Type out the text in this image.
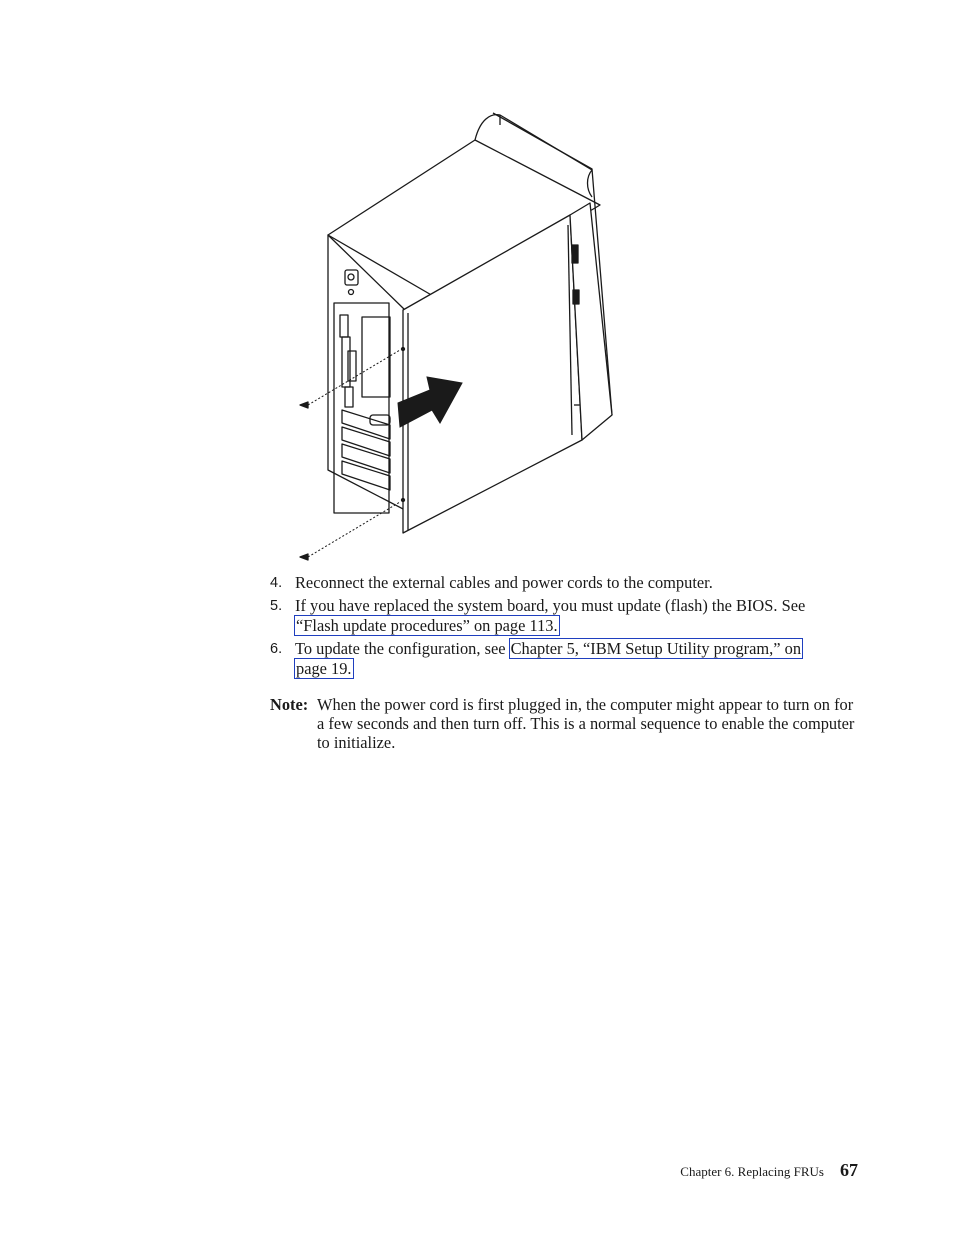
4. Reconnect the external cables and power cords to the computer.
5. If you have replaced the system board, you must update (flash) the BIOS. See
“Flash update procedures” on page 113.
6. To update the configuration, see Chapter 5, “IBM Setup Utility program,” on
page 19.
Note: When the power cord is first plugged in, the computer might appear to turn on for a few seconds and then turn off. This is a normal sequence to enable the computer to initialize.
Chapter 6. Replacing FRUs 67
